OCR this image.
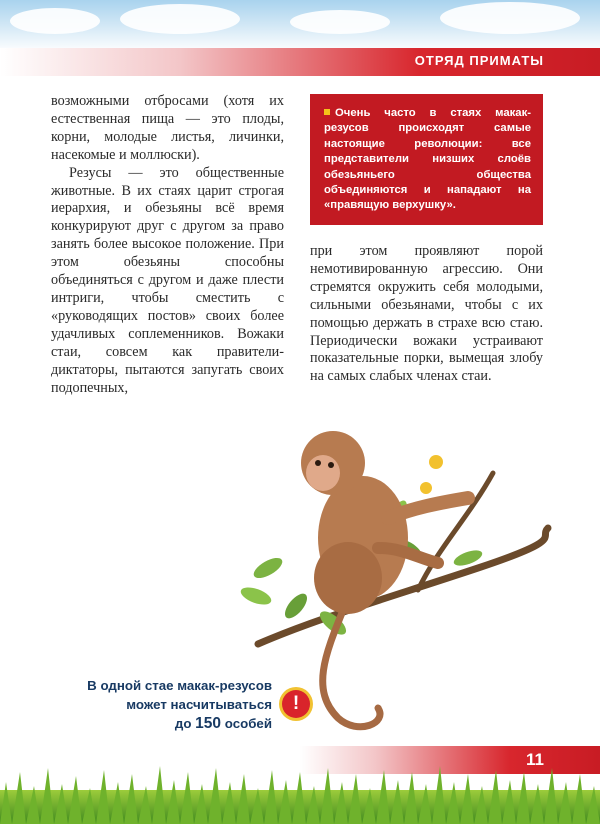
ОТРЯД ПРИМАТЫ

возможными отбросами (хотя их естественная пища — это плоды, корни, молодые листья, личинки, насекомые и моллюски).

Резусы — это общественные животные. В их стаях царит строгая иерархия, и обезьяны всё время конкурируют друг с другом за право занять более высокое положение. При этом обезьяны способны объединяться с другом и даже плести интриги, чтобы сместить с «руководящих постов» своих более удачливых соплеменников. Вожаки стаи, совсем как правители-диктаторы, пытаются запугать своих подопечных,

Очень часто в стаях макак-резусов происходят самые настоящие революции: все представители низших слоёв обезьяньего общества объединяются и нападают на «правящую верхушку».

при этом проявляют порой немотивированную агрессию. Они стремятся окружить себя молодыми, сильными обезьянами, чтобы с их помощью держать в страхе всю стаю. Периодически вожаки устраивают показательные порки, вымещая злобу на самых слабых членах стаи.

В одной стае макак-резусов
может насчитываться
до 150 особей
!
11
